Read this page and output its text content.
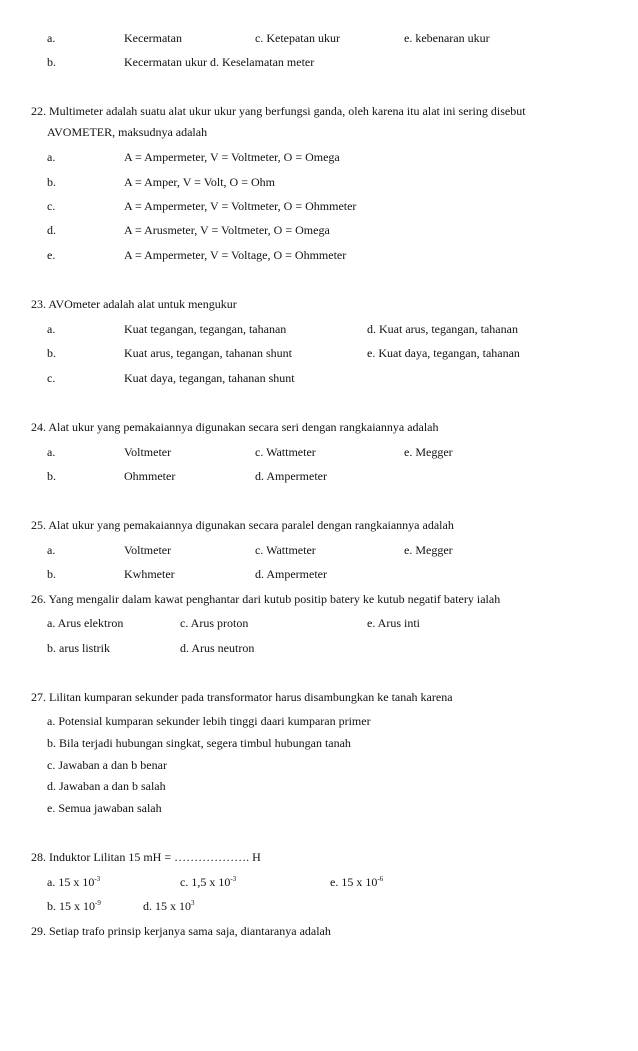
a.	Kecermatan	c. Ketepatan ukur	e. kebenaran ukur
b.	Kecermatan ukur d. Keselamatan meter
22. Multimeter adalah suatu alat ukur ukur yang berfungsi ganda, oleh karena itu alat ini sering disebut
AVOMETER, maksudnya adalah
a.	A = Ampermeter, V = Voltmeter, O = Omega
b.	A = Amper, V = Volt, O = Ohm
c.	A = Ampermeter, V = Voltmeter, O = Ohmmeter
d.	A = Arusmeter, V = Voltmeter, O = Omega
e.	A = Ampermeter, V = Voltage, O = Ohmmeter
23. AVOmeter adalah alat untuk mengukur
a.	Kuat tegangan, tegangan, tahanan	d. Kuat arus, tegangan, tahanan
b.	Kuat arus, tegangan, tahanan shunt	e. Kuat daya, tegangan, tahanan
c.	Kuat daya, tegangan, tahanan shunt
24. Alat ukur yang pemakaiannya digunakan secara seri dengan rangkaiannya adalah
a.	Voltmeter	c. Wattmeter	e. Megger
b.	Ohmmeter	d. Ampermeter
25. Alat ukur yang pemakaiannya digunakan secara paralel dengan rangkaiannya adalah
a.	Voltmeter	c. Wattmeter	e. Megger
b.	Kwhmeter	d. Ampermeter
26. Yang mengalir dalam kawat penghantar dari kutub positip batery ke kutub negatif batery ialah
a. Arus elektron	c. Arus proton	e. Arus inti
b. arus listrik	d. Arus neutron
27. Lilitan kumparan sekunder pada transformator harus disambungkan ke tanah karena
a. Potensial kumparan sekunder lebih tinggi daari kumparan primer
b. Bila terjadi hubungan singkat, segera timbul hubungan tanah
c. Jawaban a dan b benar
d. Jawaban a dan b salah
e. Semua jawaban salah
28. Induktor Lilitan 15 mH = ………………. H
a. 15 x $10^{-3}$	c. 1,5 x $10^{-3}$	e. 15 x $10^{-6}$
b. 15 x $10^{-9}$	d. 15 x $10^3$
29. Setiap trafo prinsip kerjanya sama saja, diantaranya adalah
